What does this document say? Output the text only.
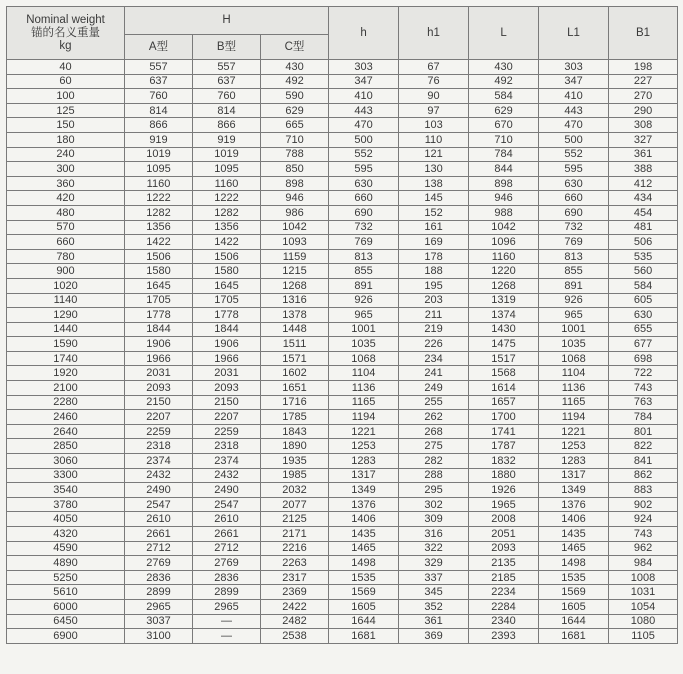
Nominal weight
锚的名义重量
kg	H			h	h1	L	L1	B1
	A型	B型	C型					
40	557	557	430	303	67	430	303	198
60	637	637	492	347	76	492	347	227
100	760	760	590	410	90	584	410	270
125	814	814	629	443	97	629	443	290
150	866	866	665	470	103	670	470	308
180	919	919	710	500	110	710	500	327
240	1019	1019	788	552	121	784	552	361
300	1095	1095	850	595	130	844	595	388
360	1160	1160	898	630	138	898	630	412
420	1222	1222	946	660	145	946	660	434
480	1282	1282	986	690	152	988	690	454
570	1356	1356	1042	732	161	1042	732	481
660	1422	1422	1093	769	169	1096	769	506
780	1506	1506	1159	813	178	1160	813	535
900	1580	1580	1215	855	188	1220	855	560
1020	1645	1645	1268	891	195	1268	891	584
1140	1705	1705	1316	926	203	1319	926	605
1290	1778	1778	1378	965	211	1374	965	630
1440	1844	1844	1448	1001	219	1430	1001	655
1590	1906	1906	1511	1035	226	1475	1035	677
1740	1966	1966	1571	1068	234	1517	1068	698
1920	2031	2031	1602	1104	241	1568	1104	722
2100	2093	2093	1651	1136	249	1614	1136	743
2280	2150	2150	1716	1165	255	1657	1165	763
2460	2207	2207	1785	1194	262	1700	1194	784
2640	2259	2259	1843	1221	268	1741	1221	801
2850	2318	2318	1890	1253	275	1787	1253	822
3060	2374	2374	1935	1283	282	1832	1283	841
3300	2432	2432	1985	1317	288	1880	1317	862
3540	2490	2490	2032	1349	295	1926	1349	883
3780	2547	2547	2077	1376	302	1965	1376	902
4050	2610	2610	2125	1406	309	2008	1406	924
4320	2661	2661	2171	1435	316	2051	1435	743
4590	2712	2712	2216	1465	322	2093	1465	962
4890	2769	2769	2263	1498	329	2135	1498	984
5250	2836	2836	2317	1535	337	2185	1535	1008
5610	2899	2899	2369	1569	345	2234	1569	1031
6000	2965	2965	2422	1605	352	2284	1605	1054
6450	3037	—	2482	1644	361	2340	1644	1080
6900	3100	—	2538	1681	369	2393	1681	1105
